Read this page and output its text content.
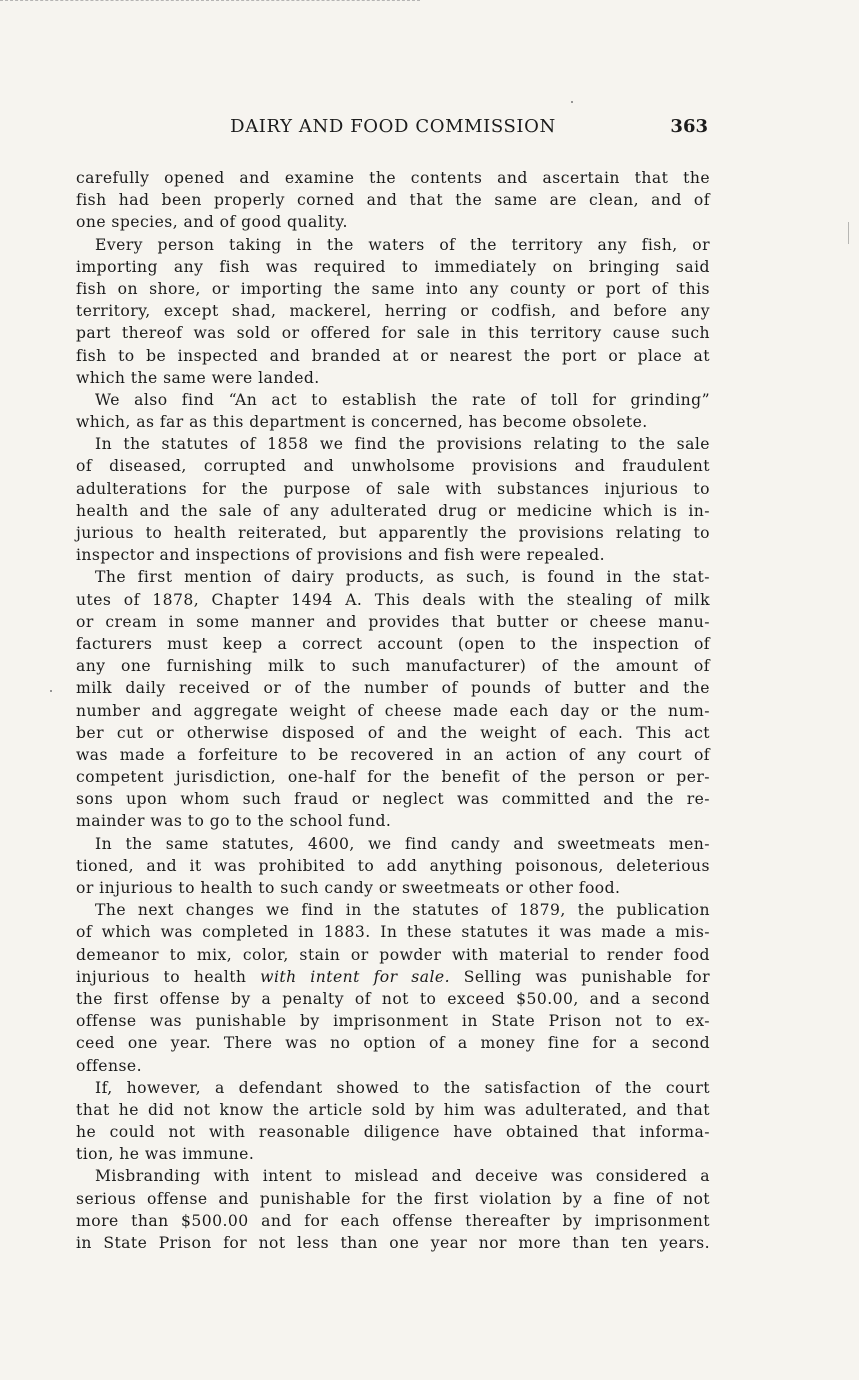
DAIRY AND FOOD COMMISSION	363
carefully opened and examine the contents and ascertain that the
fish had been properly corned and that the same are clean, and of
one species, and of good quality.
Every person taking in the waters of the territory any fish, or
importing any fish was required to immediately on bringing said
fish on shore, or importing the same into any county or port of this
territory, except shad, mackerel, herring or codfish, and before any
part thereof was sold or offered for sale in this territory cause such
fish to be inspected and branded at or nearest the port or place at
which the same were landed.
We also find “An act to establish the rate of toll for grinding”
which, as far as this department is concerned, has become obsolete.
In the statutes of 1858 we find the provisions relating to the sale
of diseased, corrupted and unwholsome provisions and fraudulent
adulterations for the purpose of sale with substances injurious to
health and the sale of any adulterated drug or medicine which is in-
jurious to health reiterated, but apparently the provisions relating to
inspector and inspections of provisions and fish were repealed.
The first mention of dairy products, as such, is found in the stat-
utes of 1878, Chapter 1494 A. This deals with the stealing of milk
or cream in some manner and provides that butter or cheese manu-
facturers must keep a correct account (open to the inspection of
any one furnishing milk to such manufacturer) of the amount of
milk daily received or of the number of pounds of butter and the
number and aggregate weight of cheese made each day or the num-
ber cut or otherwise disposed of and the weight of each. This act
was made a forfeiture to be recovered in an action of any court of
competent jurisdiction, one-half for the benefit of the person or per-
sons upon whom such fraud or neglect was committed and the re-
mainder was to go to the school fund.
In the same statutes, 4600, we find candy and sweetmeats men-
tioned, and it was prohibited to add anything poisonous, deleterious
or injurious to health to such candy or sweetmeats or other food.
The next changes we find in the statutes of 1879, the publication
of which was completed in 1883. In these statutes it was made a mis-
demeanor to mix, color, stain or powder with material to render food
injurious to health with intent for sale. Selling was punishable for
the first offense by a penalty of not to exceed $50.00, and a second
offense was punishable by imprisonment in State Prison not to ex-
ceed one year. There was no option of a money fine for a second
offense.
If, however, a defendant showed to the satisfaction of the court
that he did not know the article sold by him was adulterated, and that
he could not with reasonable diligence have obtained that informa-
tion, he was immune.
Misbranding with intent to mislead and deceive was considered a
serious offense and punishable for the first violation by a fine of not
more than $500.00 and for each offense thereafter by imprisonment
in State Prison for not less than one year nor more than ten years.
